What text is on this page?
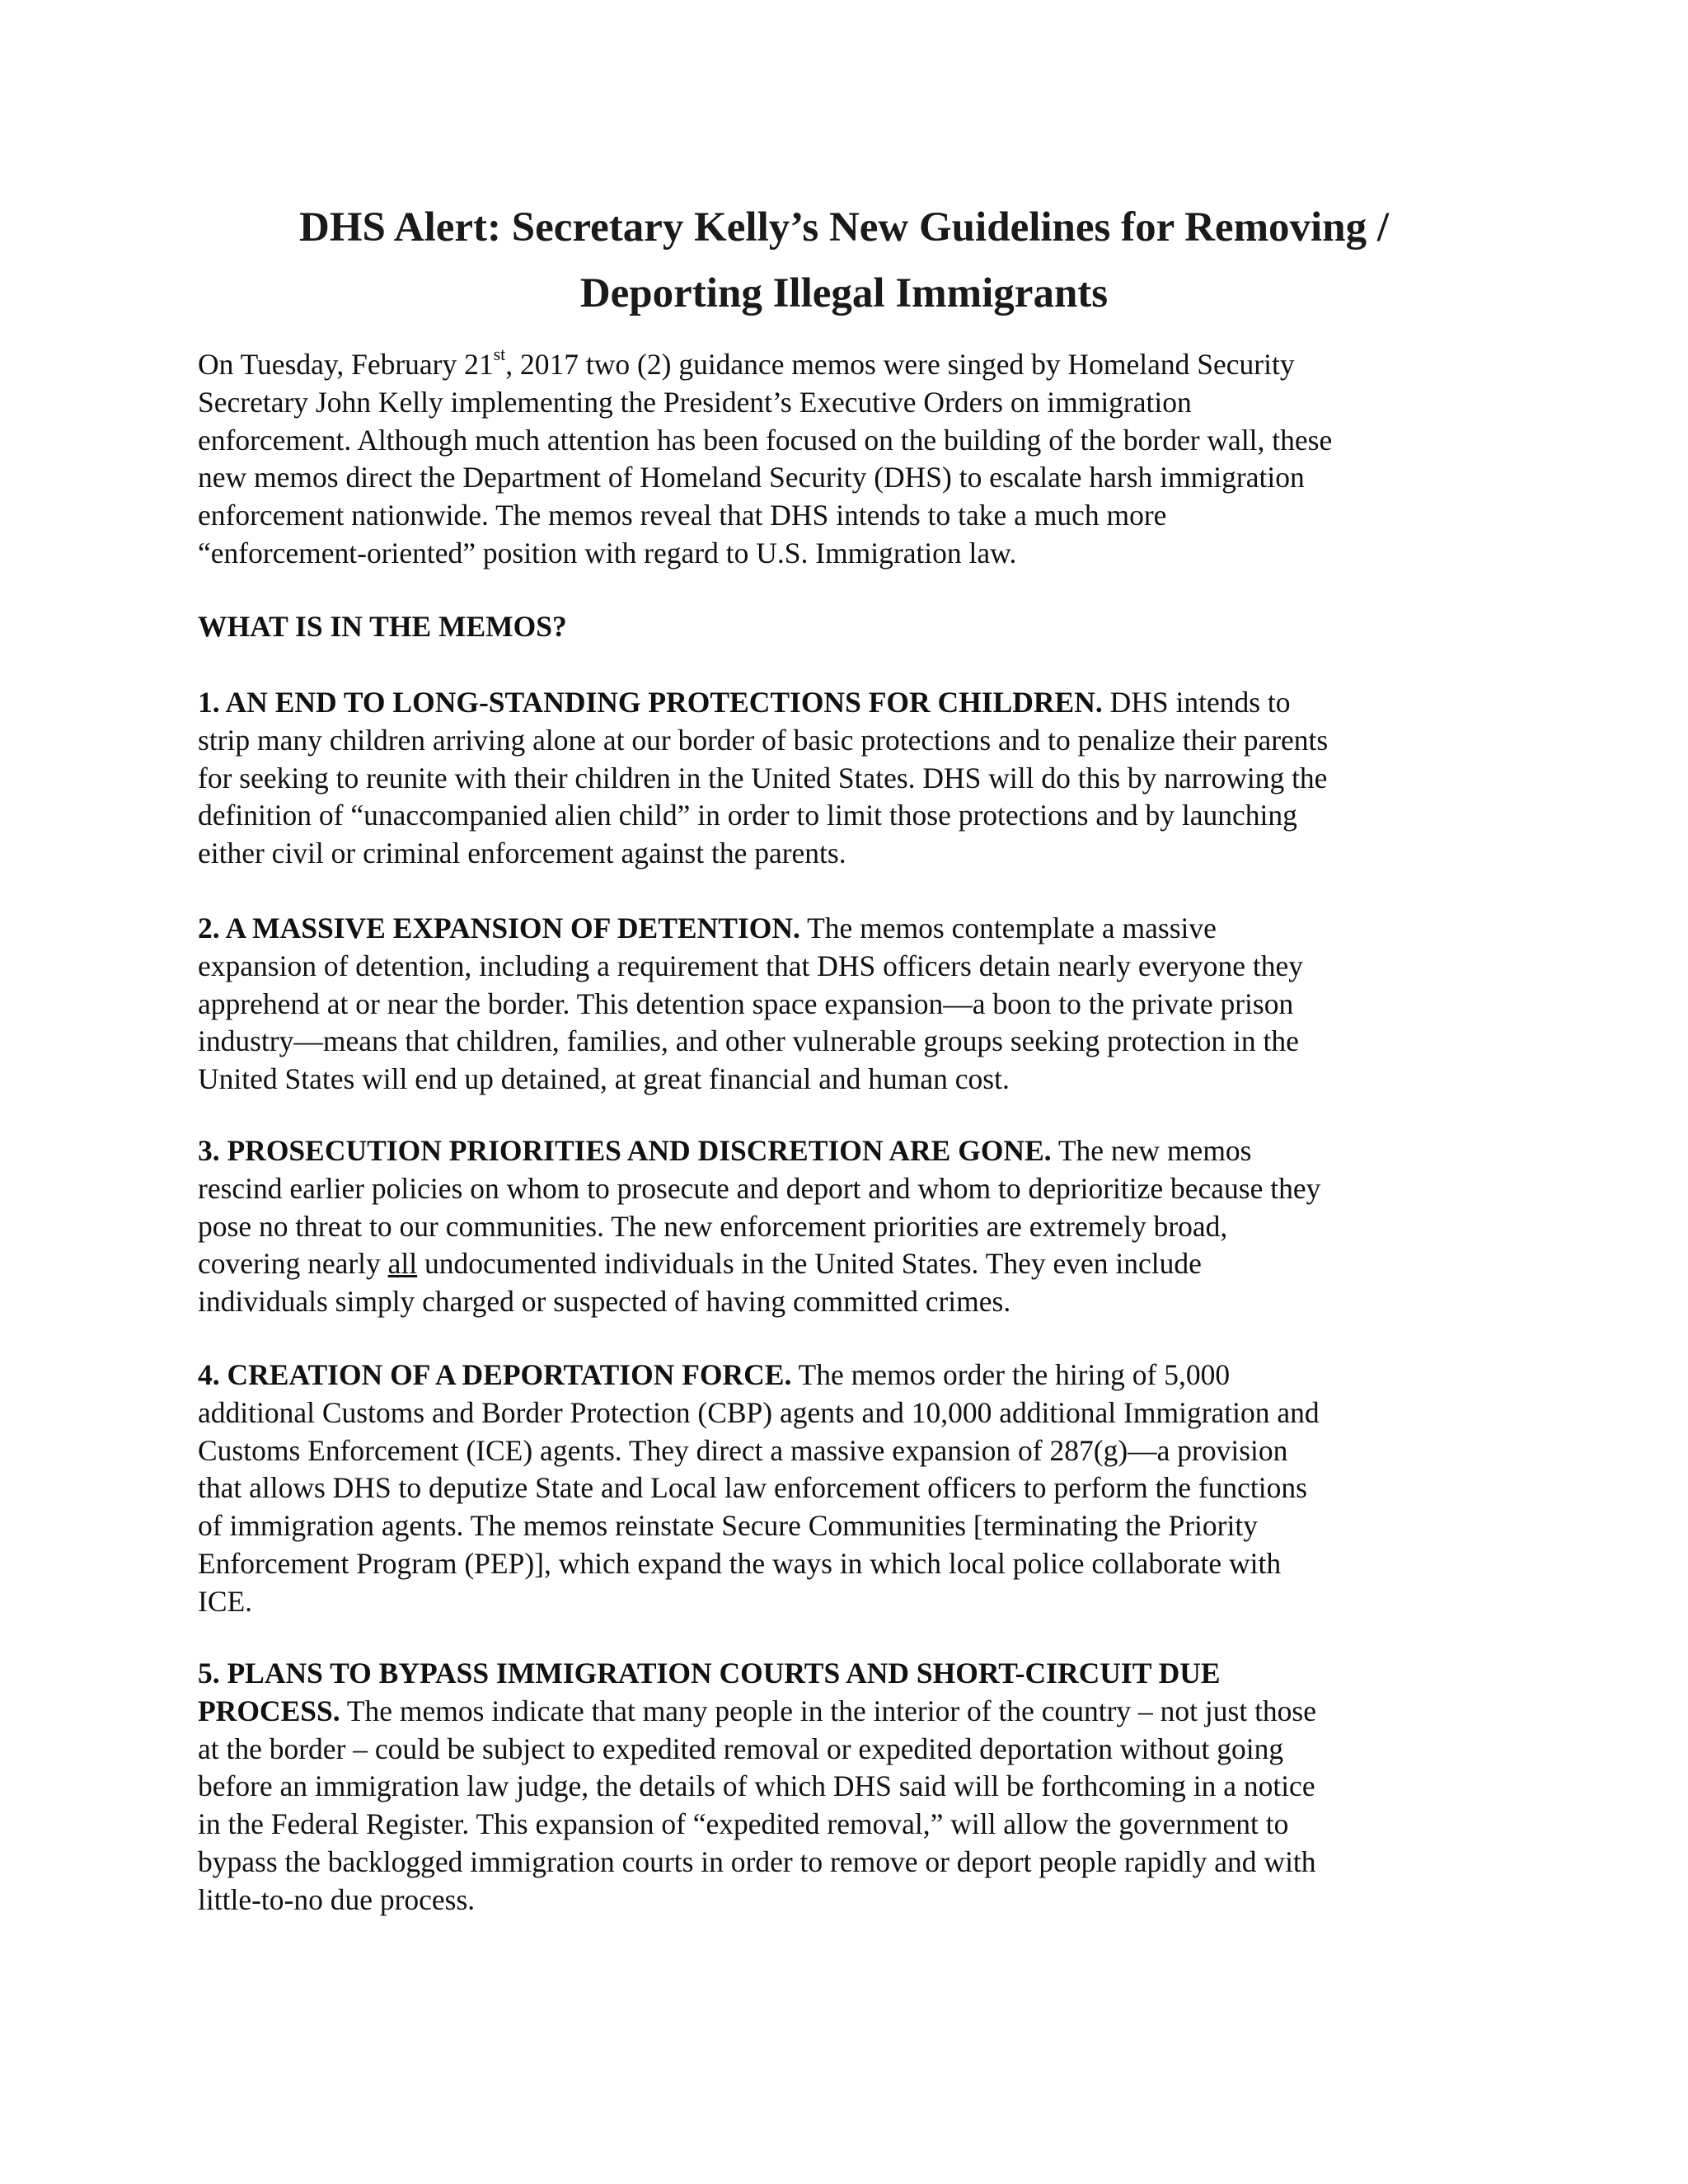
DHS Alert: Secretary Kelly’s New Guidelines for Removing /
Deporting Illegal Immigrants

On Tuesday, February 21st, 2017 two (2) guidance memos were singed by Homeland Security
Secretary John Kelly implementing the President’s Executive Orders on immigration
enforcement. Although much attention has been focused on the building of the border wall, these
new memos direct the Department of Homeland Security (DHS) to escalate harsh immigration
enforcement nationwide. The memos reveal that DHS intends to take a much more
“enforcement-oriented” position with regard to U.S. Immigration law.

WHAT IS IN THE MEMOS?

1. AN END TO LONG-STANDING PROTECTIONS FOR CHILDREN. DHS intends to
strip many children arriving alone at our border of basic protections and to penalize their parents
for seeking to reunite with their children in the United States. DHS will do this by narrowing the
definition of “unaccompanied alien child” in order to limit those protections and by launching
either civil or criminal enforcement against the parents.

2. A MASSIVE EXPANSION OF DETENTION. The memos contemplate a massive
expansion of detention, including a requirement that DHS officers detain nearly everyone they
apprehend at or near the border. This detention space expansion—a boon to the private prison
industry—means that children, families, and other vulnerable groups seeking protection in the
United States will end up detained, at great financial and human cost.

3. PROSECUTION PRIORITIES AND DISCRETION ARE GONE. The new memos
rescind earlier policies on whom to prosecute and deport and whom to deprioritize because they
pose no threat to our communities. The new enforcement priorities are extremely broad,
covering nearly all undocumented individuals in the United States. They even include
individuals simply charged or suspected of having committed crimes.

4. CREATION OF A DEPORTATION FORCE. The memos order the hiring of 5,000
additional Customs and Border Protection (CBP) agents and 10,000 additional Immigration and
Customs Enforcement (ICE) agents. They direct a massive expansion of 287(g)—a provision
that allows DHS to deputize State and Local law enforcement officers to perform the functions
of immigration agents. The memos reinstate Secure Communities [terminating the Priority
Enforcement Program (PEP)], which expand the ways in which local police collaborate with
ICE.

5. PLANS TO BYPASS IMMIGRATION COURTS AND SHORT-CIRCUIT DUE
PROCESS. The memos indicate that many people in the interior of the country – not just those
at the border – could be subject to expedited removal or expedited deportation without going
before an immigration law judge, the details of which DHS said will be forthcoming in a notice
in the Federal Register. This expansion of “expedited removal,” will allow the government to
bypass the backlogged immigration courts in order to remove or deport people rapidly and with
little-to-no due process.
